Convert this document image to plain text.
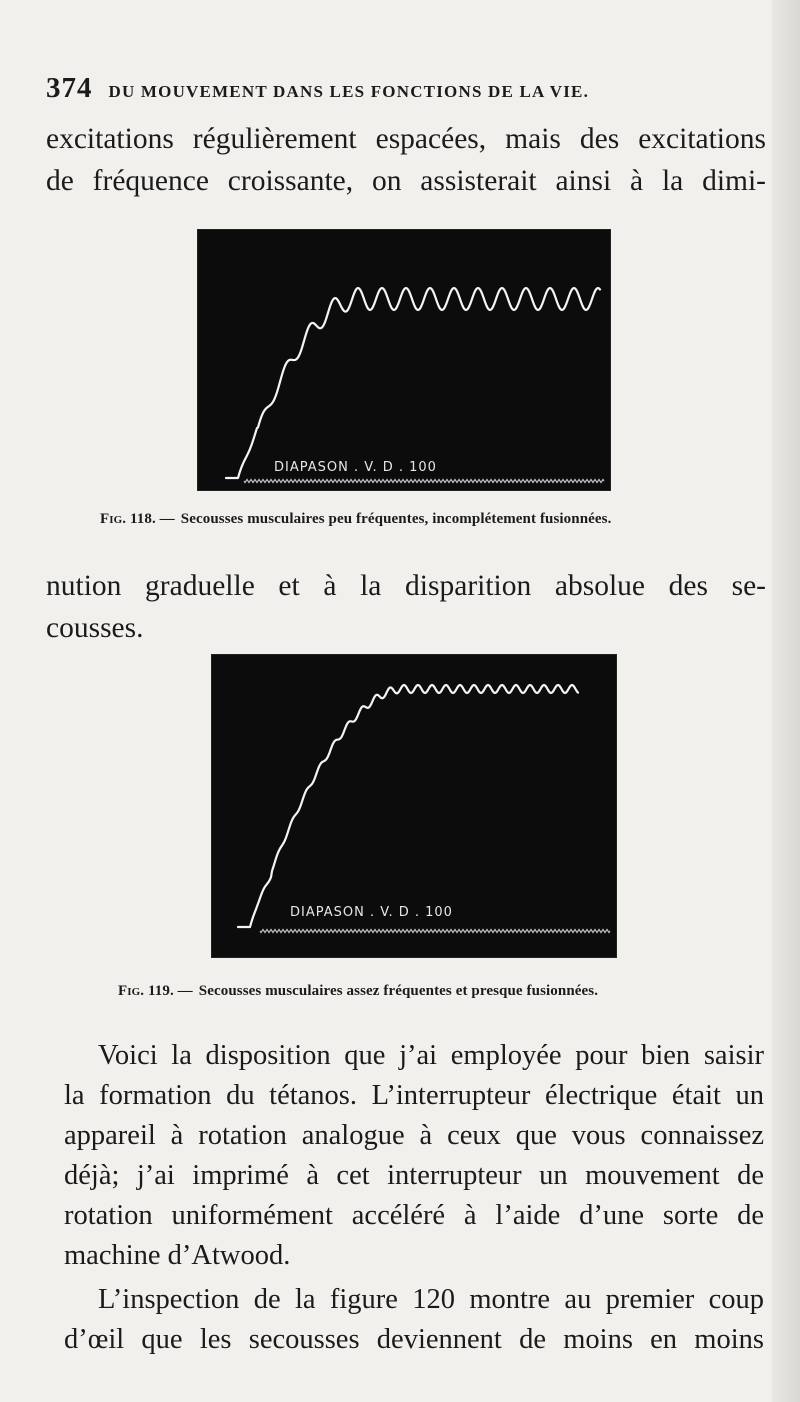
374 DU MOUVEMENT DANS LES FONCTIONS DE LA VIE.

excitations régulièrement espacées, mais des excitations

de fréquence croissante, on assisterait ainsi à la dimi-

DIAPASON . V. D . 100
Fig. 118. — Secousses musculaires peu fréquentes, incomplétement fusionnées.

nution graduelle et à la disparition absolue des se-

cousses.

DIAPASON . V. D . 100
Fig. 119. — Secousses musculaires assez fréquentes et presque fusionnées.

Voici la disposition que j’ai employée pour bien saisir

la formation du tétanos. L’interrupteur électrique était un

appareil à rotation analogue à ceux que vous connaissez

déjà; j’ai imprimé à cet interrupteur un mouvement de

rotation uniformément accéléré à l’aide d’une sorte de

machine d’Atwood.

L’inspection de la figure 120 montre au premier coup

d’œil que les secousses deviennent de moins en moins
